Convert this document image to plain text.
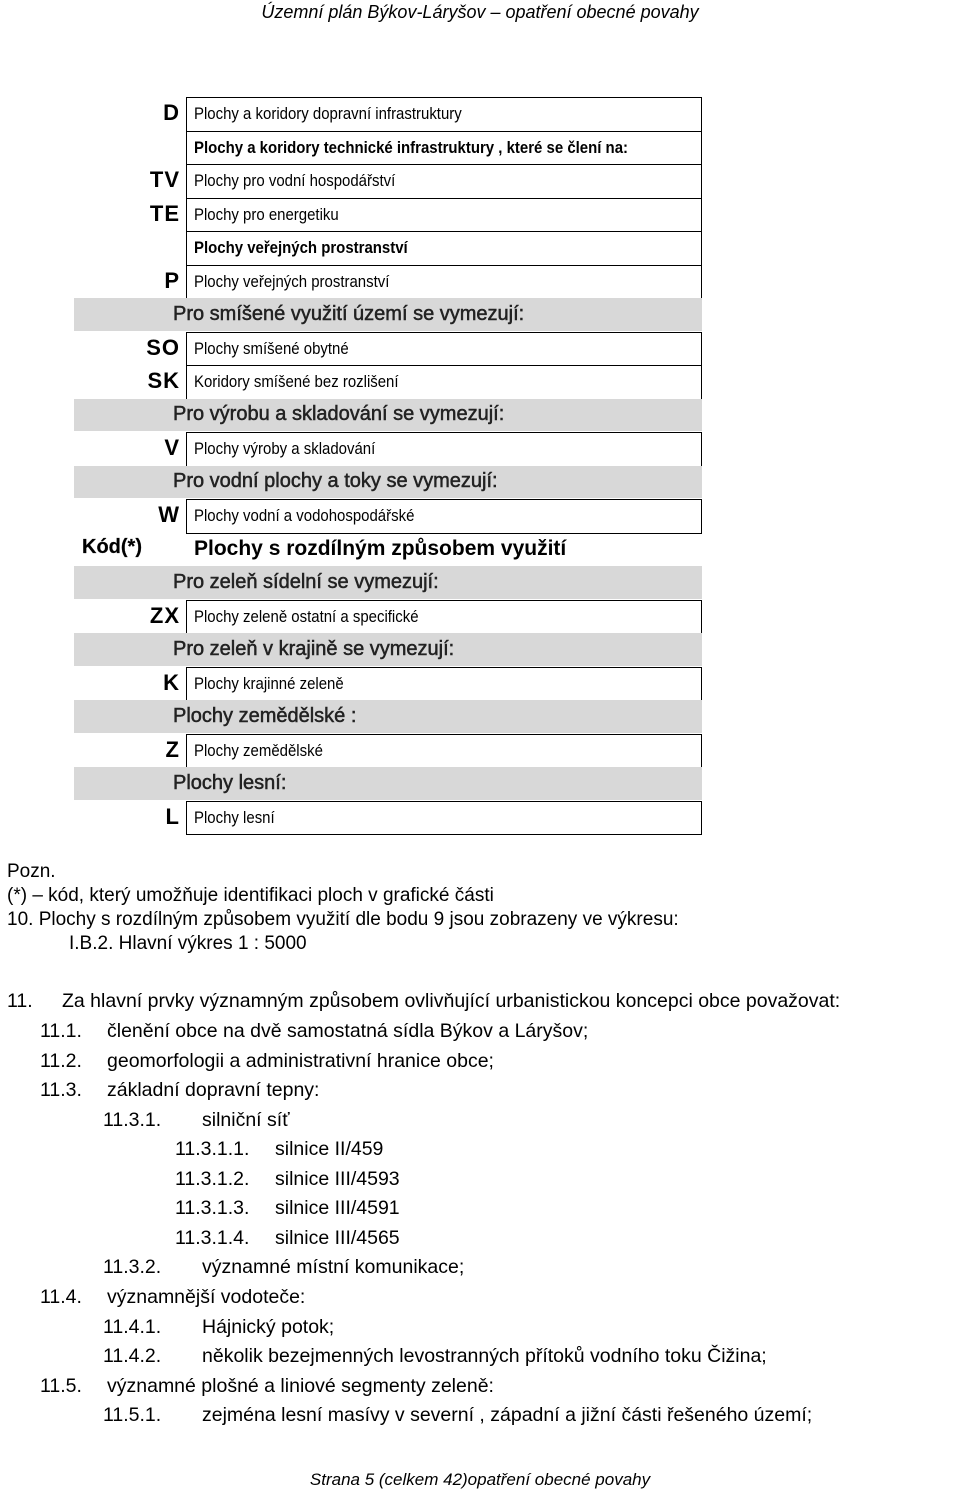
Územní plán Býkov-Láryšov – opatření obecné povahy
Kód(*)
D Plochy a koridory dopravní infrastruktury
Plochy a koridory technické infrastruktury , které se člení na:
TV Plochy pro vodní hospodářství
TE Plochy pro energetiku
Plochy veřejných prostranství
P Plochy veřejných prostranství
Pro smíšené využití území se vymezují:
SO Plochy smíšené obytné
SK Koridory smíšené bez rozlišení
Pro výrobu a skladování se vymezují:
V Plochy výroby a skladování
Pro vodní plochy a toky se vymezují:
W Plochy vodní a vodohospodářské
Plochy s rozdílným způsobem využití
Pro zeleň sídelní se vymezují:
ZX Plochy zeleně ostatní a specifické
Pro zeleň v krajině se vymezují:
K Plochy krajinné zeleně
Plochy zemědělské :
Z Plochy zemědělské
Plochy lesní:
L Plochy lesní
Pozn.
(*) – kód, který umožňuje identifikaci ploch v grafické části
10. Plochy s rozdílným způsobem využití dle bodu 9 jsou zobrazeny ve výkresu:
I.B.2. Hlavní výkres 1 : 5000
Strana 5 (celkem 42)opatření obecné povahy
11. Za hlavní prvky významným způsobem ovlivňující urbanistickou koncepci obce považovat:
11.1. členění obce na dvě samostatná sídla Býkov a Láryšov;
11.2. geomorfologii a administrativní hranice obce;
11.3. základní dopravní tepny:
11.3.1. silniční síť
11.3.1.1. silnice II/459
11.3.1.2. silnice III/4593
11.3.1.3. silnice III/4591
11.3.1.4. silnice III/4565
11.3.2. významné místní komunikace;
11.4. významnější vodoteče:
11.4.1. Hájnický potok;
11.4.2. několik bezejmenných levostranných přítoků vodního toku Čižina;
11.5. významné plošné a liniové segmenty zeleně:
11.5.1. zejména lesní masívy v severní , západní a jižní části řešeného území;
